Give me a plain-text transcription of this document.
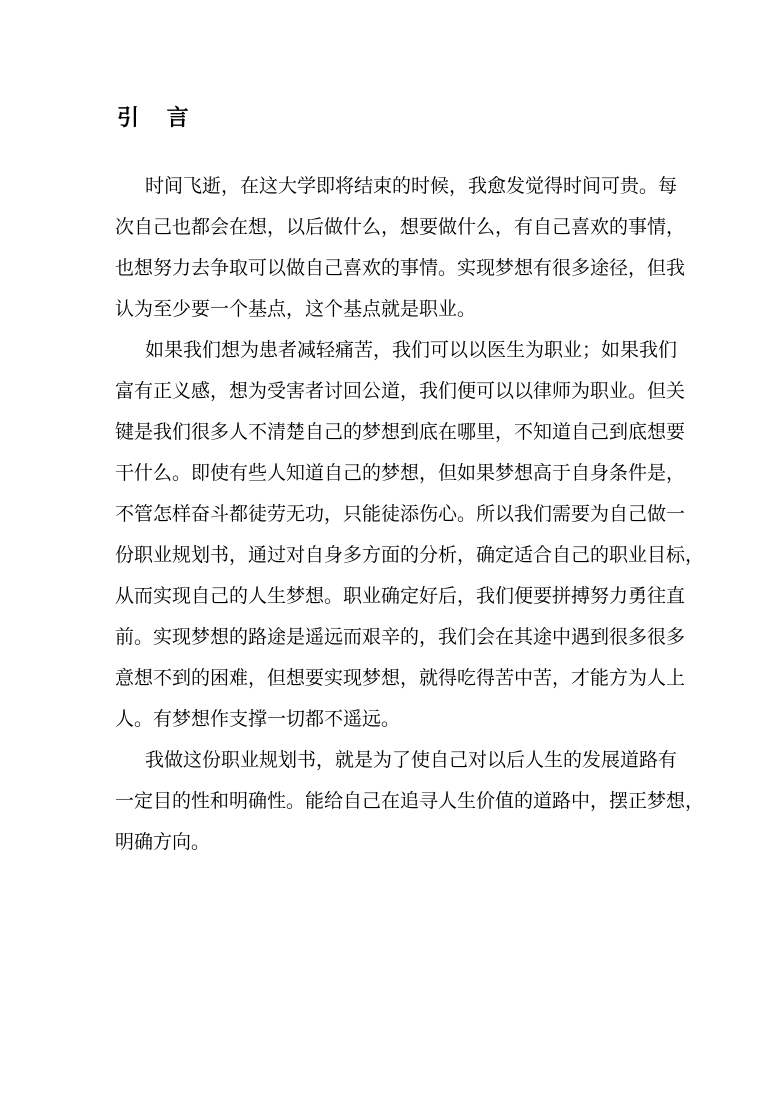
引 言
时间飞逝，在这大学即将结束的时候，我愈发觉得时间可贵。每
次自己也都会在想，以后做什么，想要做什么，有自己喜欢的事情，
也想努力去争取可以做自己喜欢的事情。实现梦想有很多途径，但我
认为至少要一个基点，这个基点就是职业。
如果我们想为患者减轻痛苦，我们可以以医生为职业；如果我们
富有正义感，想为受害者讨回公道，我们便可以以律师为职业。但关
键是我们很多人不清楚自己的梦想到底在哪里，不知道自己到底想要
干什么。即使有些人知道自己的梦想，但如果梦想高于自身条件是，
不管怎样奋斗都徒劳无功，只能徒添伤心。所以我们需要为自己做一
份职业规划书，通过对自身多方面的分析，确定适合自己的职业目标，
从而实现自己的人生梦想。职业确定好后，我们便要拼搏努力勇往直
前。实现梦想的路途是遥远而艰辛的，我们会在其途中遇到很多很多
意想不到的困难，但想要实现梦想，就得吃得苦中苦，才能方为人上
人。有梦想作支撑一切都不遥远。
我做这份职业规划书，就是为了使自己对以后人生的发展道路有
一定目的性和明确性。能给自己在追寻人生价值的道路中，摆正梦想，
明确方向。
